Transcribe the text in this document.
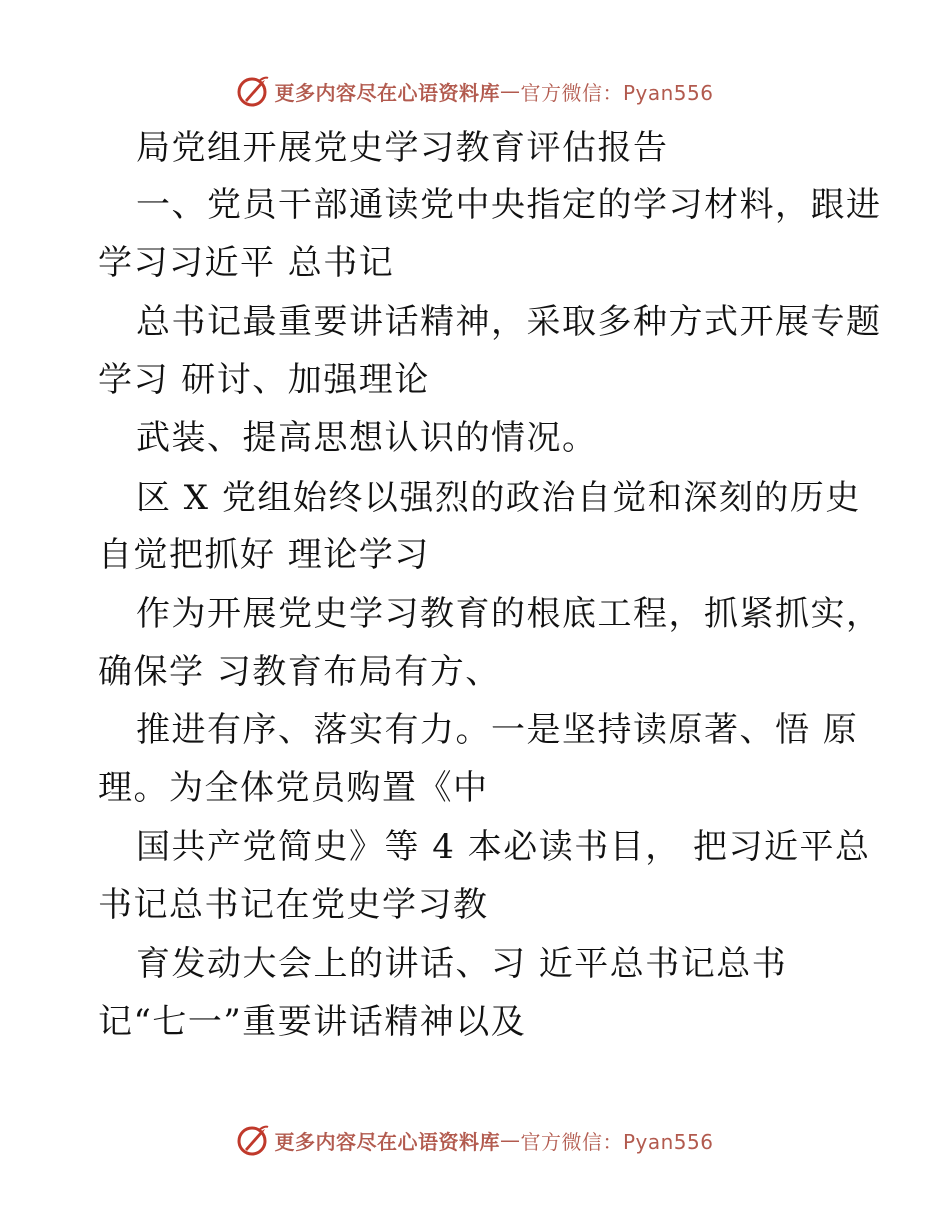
更多内容尽在心语资料库 — 官方微信：Pyan556
局党组开展党史学习教育评估报告
一、党员干部通读党中央指定的学习材料，跟进
学习习近平 总书记
总书记最重要讲话精神，采取多种方式开展专题
学习 研讨、加强理论
武装、提高思想认识的情况。
区 X 党组始终以强烈的政治自觉和深刻的历史
自觉把抓好 理论学习
作为开展党史学习教育的根底工程，抓紧抓实，
确保学 习教育布局有方、
推进有序、落实有力。一是坚持读原著、悟 原
理。为全体党员购置《中
国共产党简史》等 4 本必读书目， 把习近平总
书记总书记在党史学习教
育发动大会上的讲话、习 近平总书记总书
记“七一”重要讲话精神以及
更多内容尽在心语资料库 — 官方微信：Pyan556
